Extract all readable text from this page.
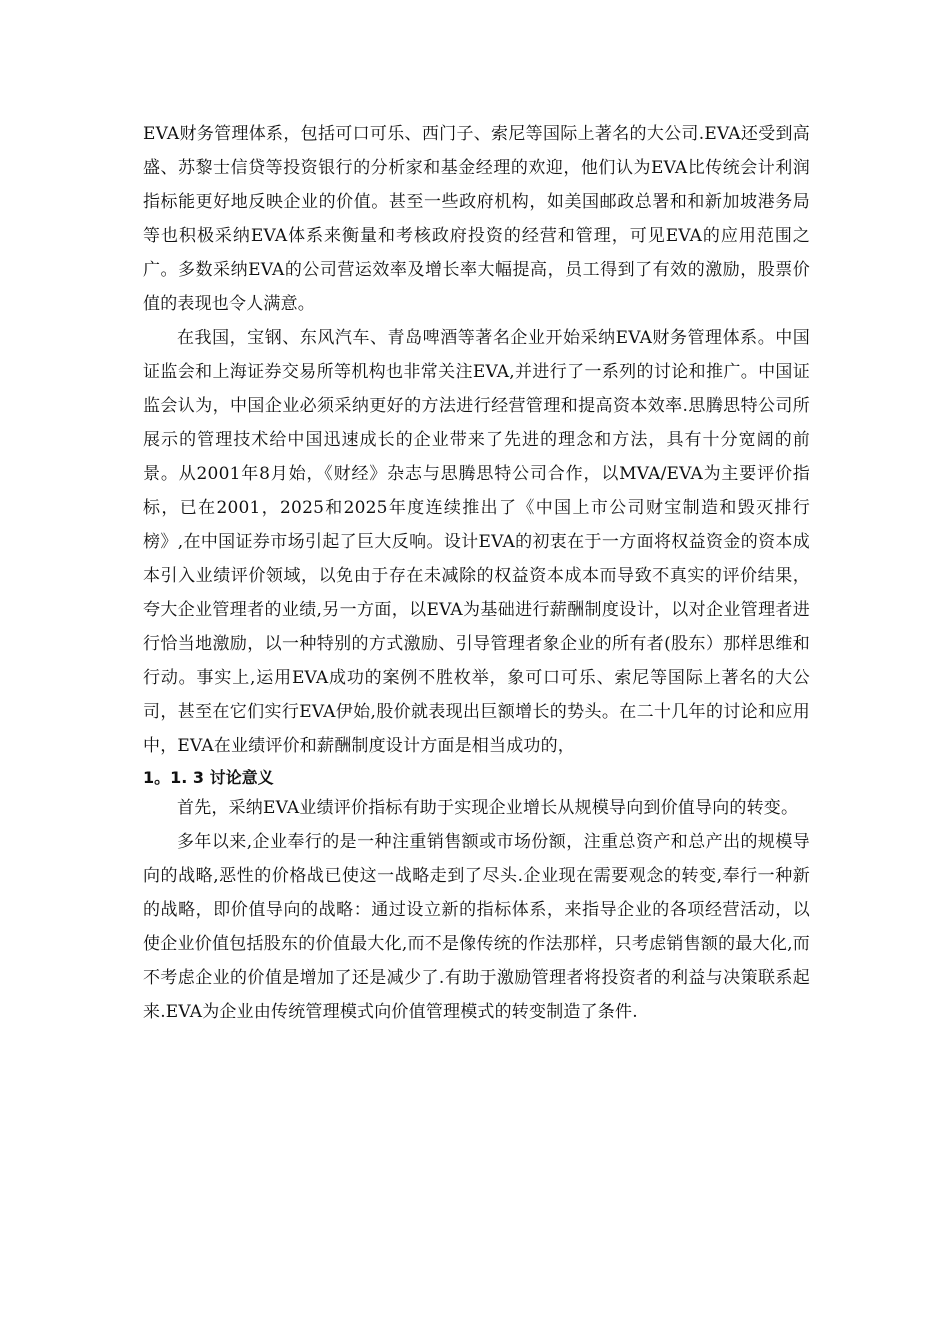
EVA财务管理体系，包括可口可乐、西门子、索尼等国际上著名的大公司.EVA还受到高盛、苏黎士信贷等投资银行的分析家和基金经理的欢迎，他们认为EVA比传统会计利润指标能更好地反映企业的价值。甚至一些政府机构，如美国邮政总署和和新加坡港务局等也积极采纳EVA体系来衡量和考核政府投资的经营和管理，可见EVA的应用范围之广。多数采纳EVA的公司营运效率及增长率大幅提高，员工得到了有效的激励，股票价值的表现也令人满意。

在我国，宝钢、东风汽车、青岛啤酒等著名企业开始采纳EVA财务管理体系。中国证监会和上海证券交易所等机构也非常关注EVA,并进行了一系列的讨论和推广。中国证监会认为，中国企业必须采纳更好的方法进行经营管理和提高资本效率.思腾思特公司所展示的管理技术给中国迅速成长的企业带来了先进的理念和方法，具有十分宽阔的前景。从2001年8月始，《财经》杂志与思腾思特公司合作，以MVA/EVA为主要评价指标，已在2001，2025和2025年度连续推出了《中国上市公司财宝制造和毁灭排行榜》,在中国证券市场引起了巨大反响。设计EVA的初衷在于一方面将权益资金的资本成本引入业绩评价领域，以免由于存在未减除的权益资本成本而导致不真实的评价结果，夸大企业管理者的业绩,另一方面，以EVA为基础进行薪酬制度设计，以对企业管理者进行恰当地激励，以一种特别的方式激励、引导管理者象企业的所有者(股东）那样思维和行动。事实上,运用EVA成功的案例不胜枚举，象可口可乐、索尼等国际上著名的大公司，甚至在它们实行EVA伊始,股价就表现出巨额增长的势头。在二十几年的讨论和应用中，EVA在业绩评价和薪酬制度设计方面是相当成功的，

1。1. 3 讨论意义

首先，采纳EVA业绩评价指标有助于实现企业增长从规模导向到价值导向的转变。

多年以来,企业奉行的是一种注重销售额或市场份额，注重总资产和总产出的规模导向的战略,恶性的价格战已使这一战略走到了尽头.企业现在需要观念的转变,奉行一种新的战略，即价值导向的战略：通过设立新的指标体系，来指导企业的各项经营活动，以使企业价值包括股东的价值最大化,而不是像传统的作法那样，只考虑销售额的最大化,而不考虑企业的价值是增加了还是减少了.有助于激励管理者将投资者的利益与决策联系起来.EVA为企业由传统管理模式向价值管理模式的转变制造了条件.
